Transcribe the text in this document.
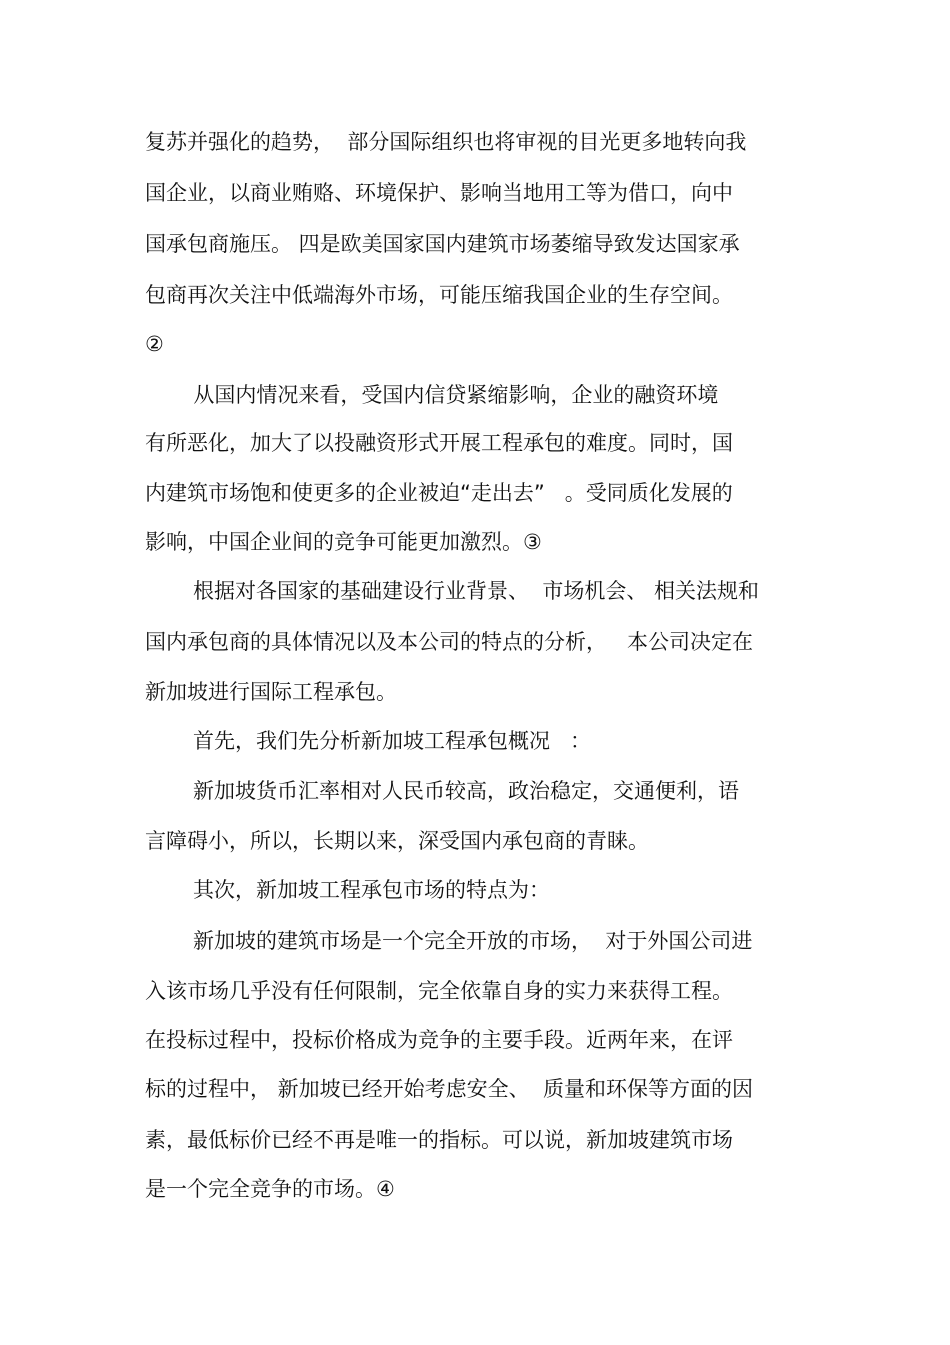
复苏并强化的趋势，  部分国际组织也将审视的目光更多地转向我
国企业，以商业贿赂、环境保护、影响当地用工等为借口，向中
国承包商施压。 四是欧美国家国内建筑市场萎缩导致发达国家承
包商再次关注中低端海外市场，可能压缩我国企业的生存空间。
②
从国内情况来看，受国内信贷紧缩影响，企业的融资环境
有所恶化，加大了以投融资形式开展工程承包的难度。同时，国
内建筑市场饱和使更多的企业被迫“走出去”   。受同质化发展的
影响，中国企业间的竞争可能更加激烈。③
根据对各国家的基础建设行业背景、  市场机会、 相关法规和
国内承包商的具体情况以及本公司的特点的分析，   本公司决定在
新加坡进行国际工程承包。
首先，我们先分析新加坡工程承包概况   ：
新加坡货币汇率相对人民币较高，政治稳定，交通便利，语
言障碍小，所以，长期以来，深受国内承包商的青睐。
其次，新加坡工程承包市场的特点为：
新加坡的建筑市场是一个完全开放的市场，  对于外国公司进
入该市场几乎没有任何限制，完全依靠自身的实力来获得工程。
在投标过程中，投标价格成为竞争的主要手段。近两年来，在评
标的过程中， 新加坡已经开始考虑安全、  质量和环保等方面的因
素，最低标价已经不再是唯一的指标。可以说，新加坡建筑市场
是一个完全竞争的市场。④
